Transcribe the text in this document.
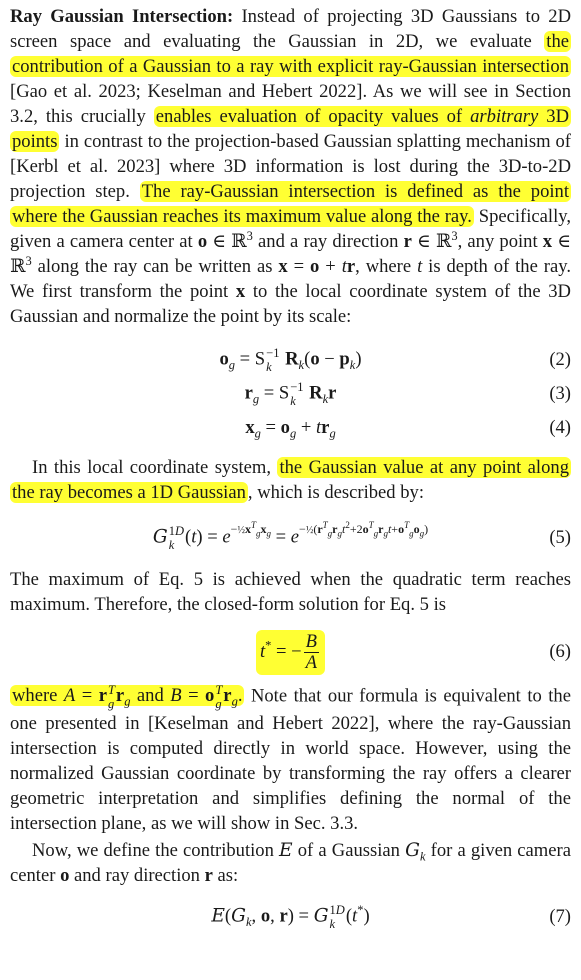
Ray Gaussian Intersection: Instead of projecting 3D Gaussians to 2D screen space and evaluating the Gaussian in 2D, we evaluate the contribution of a Gaussian to a ray with explicit ray-Gaussian intersection [Gao et al. 2023; Keselman and Hebert 2022]. As we will see in Section 3.2, this crucially enables evaluation of opacity values of arbitrary 3D points in contrast to the projection-based Gaussian splatting mechanism of [Kerbl et al. 2023] where 3D information is lost during the 3D-to-2D projection step. The ray-Gaussian intersection is defined as the point where the Gaussian reaches its maximum value along the ray. Specifically, given a camera center at o ∈ ℝ$^3$ and a ray direction r ∈ ℝ$^3$, any point x ∈ ℝ$^3$ along the ray can be written as x = o + tr, where t is depth of the ray. We first transform the point x to the local coordinate system of the 3D Gaussian and normalize the point by its scale:

$o_g = S -1$
k $R_k(o - p_k)$	(2)
$r_g = S -1$
k $R_kr$	(3)
$x_g = o_g + tr_g$	(4)

In this local coordinate system, the Gaussian value at any point along the ray becomes a 1D Gaussian , which is described by:

G 1D
k $(t) = e^{-\frac{1}{2}x^T_gx_g} = e^{-\frac{1}{2}(r^T_gr_gt^2+2o^T_gr_gt+o^T_go_g)}$	(5)

The maximum of Eq. 5 is achieved when the quadratic term reaches maximum. Therefore, the closed-form solution for Eq. 5 is

t* = − $\frac{B}{A}$	(6)

where A = r T
g $r_g$ and B = o T
g $r_g$. Note that our formula is equivalent to the one presented in [Keselman and Hebert 2022], where the ray-Gaussian intersection is computed directly in world space. However, using the normalized Gaussian coordinate by transforming the ray offers a clearer geometric interpretation and simplifies defining the normal of the intersection plane, as we will show in Sec. 3.3.

Now, we define the contribution E of a Gaussian $G_k$ for a given camera center o and ray direction r as:

$E(G_k$, o, r) = G 1D
k (t*)	(7)
